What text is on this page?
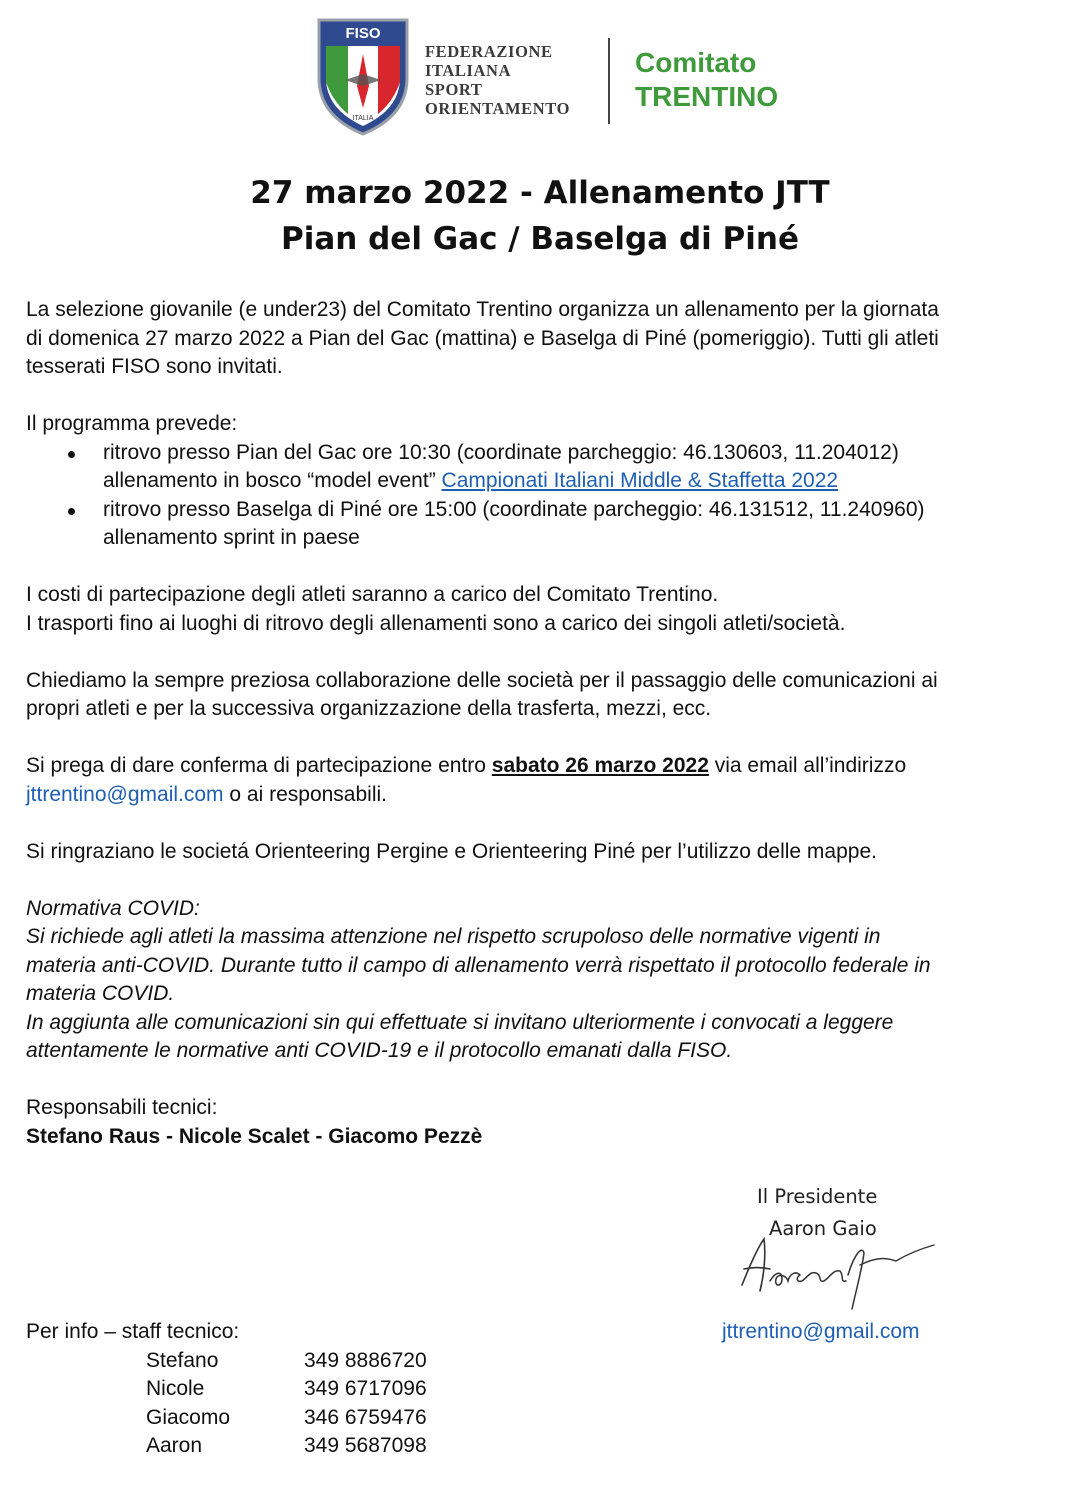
FISO
ITALIA
FEDERAZIONE
ITALIANA
SPORT
ORIENTAMENTO
Comitato
TRENTINO
27 marzo 2022 - Allenamento JTT
Pian del Gac / Baselga di Piné
La selezione giovanile (e under23) del Comitato Trentino organizza un allenamento per la giornata
di domenica 27 marzo 2022 a Pian del Gac (mattina) e Baselga di Piné (pomeriggio). Tutti gli atleti
tesserati FISO sono invitati.
Il programma prevede:
ritrovo presso Pian del Gac ore 10:30 (coordinate parcheggio: 46.130603, 11.204012)
allenamento in bosco “model event” Campionati Italiani Middle & Staffetta 2022
ritrovo presso Baselga di Piné ore 15:00 (coordinate parcheggio: 46.131512, 11.240960)
allenamento sprint in paese
I costi di partecipazione degli atleti saranno a carico del Comitato Trentino.
I trasporti fino ai luoghi di ritrovo degli allenamenti sono a carico dei singoli atleti/società.
Chiediamo la sempre preziosa collaborazione delle società per il passaggio delle comunicazioni ai
propri atleti e per la successiva organizzazione della trasferta, mezzi, ecc.
Si prega di dare conferma di partecipazione entro sabato 26 marzo 2022 via email all’indirizzo
jttrentino@gmail.com o ai responsabili.
Si ringraziano le societá Orienteering Pergine e Orienteering Piné per l’utilizzo delle mappe.
Normativa COVID:
Si richiede agli atleti la massima attenzione nel rispetto scrupoloso delle normative vigenti in
materia anti-COVID. Durante tutto il campo di allenamento verrà rispettato il protocollo federale in
materia COVID.
In aggiunta alle comunicazioni sin qui effettuate si invitano ulteriormente i convocati a leggere
attentamente le normative anti COVID-19 e il protocollo emanati dalla FISO.
Responsabili tecnici:
Stefano Raus - Nicole Scalet - Giacomo Pezzè
Il Presidente
Aaron Gaio
jttrentino@gmail.com
Per info – staff tecnico:
Stefano	349 8886720
Nicole	349 6717096
Giacomo	346 6759476
Aaron	349 5687098
